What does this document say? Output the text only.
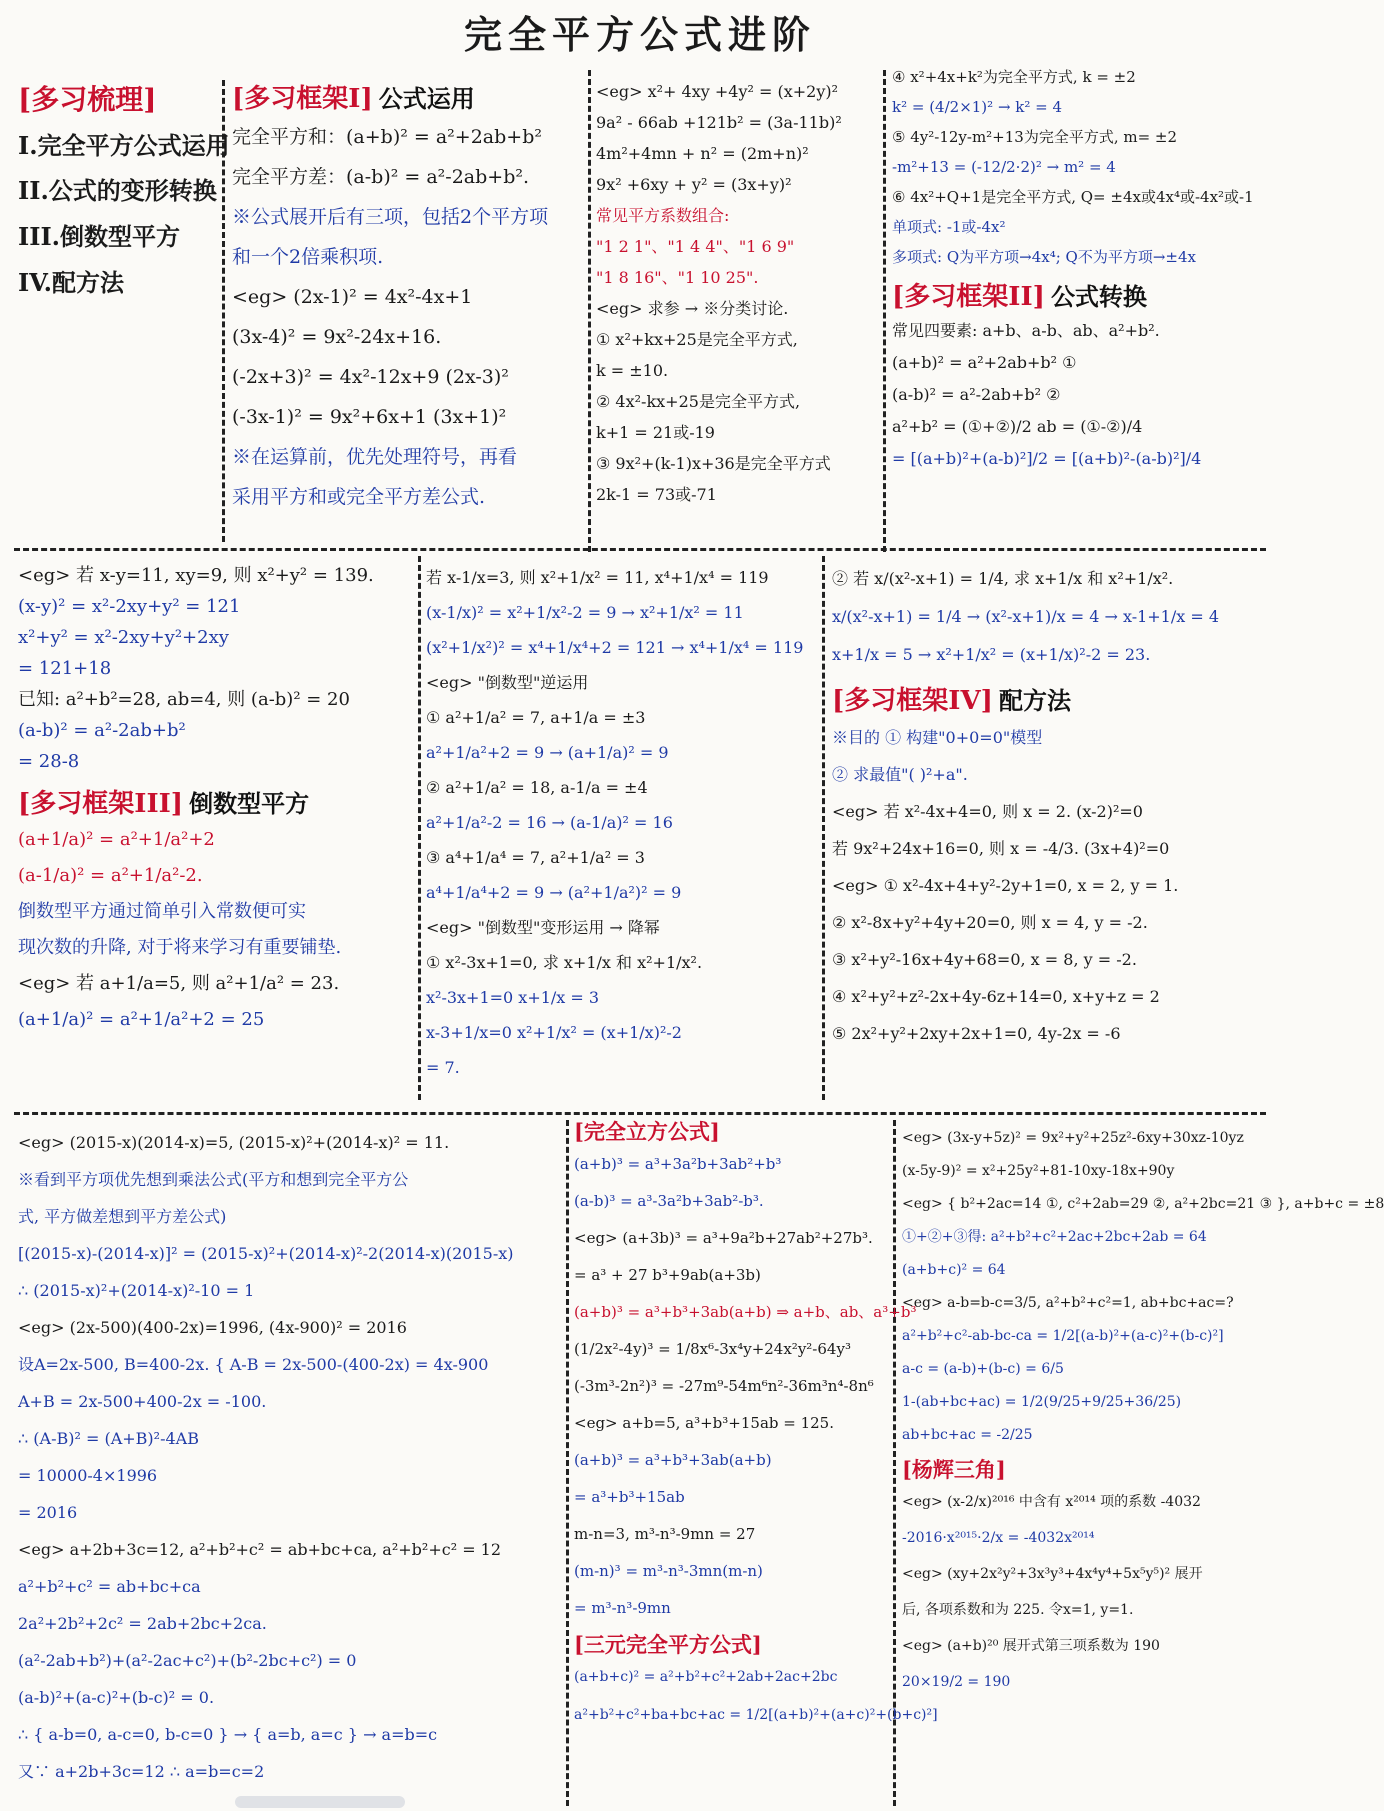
完全平方公式进阶
[多习梳理]
I.完全平方公式运用
II.公式的变形转换
III.倒数型平方
IV.配方法
[多习框架I] 公式运用
完全平方和：(a+b)² = a²+2ab+b²
完全平方差：(a-b)² = a²-2ab+b².
※公式展开后有三项，包括2个平方项
和一个2倍乘积项.
<eg> (2x-1)² = 4x²-4x+1
(3x-4)² = 9x²-24x+16.
(-2x+3)² = 4x²-12x+9 (2x-3)²
(-3x-1)² = 9x²+6x+1 (3x+1)²
※在运算前，优先处理符号，再看
采用平方和或完全平方差公式.
<eg> x²+ 4xy +4y² = (x+2y)²
9a² - 66ab +121b² = (3a-11b)²
4m²+4mn + n² = (2m+n)²
9x² +6xy + y² = (3x+y)²
常见平方系数组合:
"1 2 1"、"1 4 4"、"1 6 9"
"1 8 16"、"1 10 25".
<eg> 求参 → ※分类讨论.
① x²+kx+25是完全平方式,
k = ±10.
② 4x²-kx+25是完全平方式,
k+1 = 21或-19
③ 9x²+(k-1)x+36是完全平方式
2k-1 = 73或-71
④ x²+4x+k²为完全平方式, k = ±2
k² = (4/2×1)² → k² = 4
⑤ 4y²-12y-m²+13为完全平方式, m= ±2
-m²+13 = (-12/2·2)² → m² = 4
⑥ 4x²+Q+1是完全平方式, Q= ±4x或4x⁴或-4x²或-1
单项式: -1或-4x²
多项式: Q为平方项→4x⁴; Q不为平方项→±4x
[多习框架II] 公式转换
常见四要素: a+b、a-b、ab、a²+b².
(a+b)² = a²+2ab+b² ①
(a-b)² = a²-2ab+b² ②
a²+b² = (①+②)/2 ab = (①-②)/4
= [(a+b)²+(a-b)²]/2 = [(a+b)²-(a-b)²]/4
<eg> 若 x-y=11, xy=9, 则 x²+y² = 139.
(x-y)² = x²-2xy+y² = 121
x²+y² = x²-2xy+y²+2xy
= 121+18
已知: a²+b²=28, ab=4, 则 (a-b)² = 20
(a-b)² = a²-2ab+b²
= 28-8
[多习框架III] 倒数型平方
(a+1/a)² = a²+1/a²+2
(a-1/a)² = a²+1/a²-2.
倒数型平方通过简单引入常数便可实
现次数的升降, 对于将来学习有重要铺垫.
<eg> 若 a+1/a=5, 则 a²+1/a² = 23.
(a+1/a)² = a²+1/a²+2 = 25
若 x-1/x=3, 则 x²+1/x² = 11, x⁴+1/x⁴ = 119
(x-1/x)² = x²+1/x²-2 = 9 → x²+1/x² = 11
(x²+1/x²)² = x⁴+1/x⁴+2 = 121 → x⁴+1/x⁴ = 119
<eg> "倒数型"逆运用
① a²+1/a² = 7, a+1/a = ±3
a²+1/a²+2 = 9 → (a+1/a)² = 9
② a²+1/a² = 18, a-1/a = ±4
a²+1/a²-2 = 16 → (a-1/a)² = 16
③ a⁴+1/a⁴ = 7, a²+1/a² = 3
a⁴+1/a⁴+2 = 9 → (a²+1/a²)² = 9
<eg> "倒数型"变形运用 → 降幂
① x²-3x+1=0, 求 x+1/x 和 x²+1/x².
x²-3x+1=0 x+1/x = 3
x-3+1/x=0 x²+1/x² = (x+1/x)²-2
= 7.
② 若 x/(x²-x+1) = 1/4, 求 x+1/x 和 x²+1/x².
x/(x²-x+1) = 1/4 → (x²-x+1)/x = 4 → x-1+1/x = 4
x+1/x = 5 → x²+1/x² = (x+1/x)²-2 = 23.
[多习框架IV] 配方法
※目的 ① 构建"0+0=0"模型
② 求最值"( )²+a".
<eg> 若 x²-4x+4=0, 则 x = 2. (x-2)²=0
若 9x²+24x+16=0, 则 x = -4/3. (3x+4)²=0
<eg> ① x²-4x+4+y²-2y+1=0, x = 2, y = 1.
② x²-8x+y²+4y+20=0, 则 x = 4, y = -2.
③ x²+y²-16x+4y+68=0, x = 8, y = -2.
④ x²+y²+z²-2x+4y-6z+14=0, x+y+z = 2
⑤ 2x²+y²+2xy+2x+1=0, 4y-2x = -6
<eg> (2015-x)(2014-x)=5, (2015-x)²+(2014-x)² = 11.
※看到平方项优先想到乘法公式(平方和想到完全平方公
式, 平方做差想到平方差公式)
[(2015-x)-(2014-x)]² = (2015-x)²+(2014-x)²-2(2014-x)(2015-x)
∴ (2015-x)²+(2014-x)²-10 = 1
<eg> (2x-500)(400-2x)=1996, (4x-900)² = 2016
设A=2x-500, B=400-2x. { A-B = 2x-500-(400-2x) = 4x-900
A+B = 2x-500+400-2x = -100.
∴ (A-B)² = (A+B)²-4AB
= 10000-4×1996
= 2016
<eg> a+2b+3c=12, a²+b²+c² = ab+bc+ca, a²+b²+c² = 12
a²+b²+c² = ab+bc+ca
2a²+2b²+2c² = 2ab+2bc+2ca.
(a²-2ab+b²)+(a²-2ac+c²)+(b²-2bc+c²) = 0
(a-b)²+(a-c)²+(b-c)² = 0.
∴ { a-b=0, a-c=0, b-c=0 } → { a=b, a=c } → a=b=c
又∵ a+2b+3c=12 ∴ a=b=c=2
[完全立方公式]
(a+b)³ = a³+3a²b+3ab²+b³
(a-b)³ = a³-3a²b+3ab²-b³.
<eg> (a+3b)³ = a³+9a²b+27ab²+27b³.
= a³ + 27 b³+9ab(a+3b)
(a+b)³ = a³+b³+3ab(a+b) ⇒ a+b、ab、a³+b³
(1/2x²-4y)³ = 1/8x⁶-3x⁴y+24x²y²-64y³
(-3m³-2n²)³ = -27m⁹-54m⁶n²-36m³n⁴-8n⁶
<eg> a+b=5, a³+b³+15ab = 125.
(a+b)³ = a³+b³+3ab(a+b)
= a³+b³+15ab
m-n=3, m³-n³-9mn = 27
(m-n)³ = m³-n³-3mn(m-n)
= m³-n³-9mn
[三元完全平方公式]
(a+b+c)² = a²+b²+c²+2ab+2ac+2bc
a²+b²+c²+ba+bc+ac = 1/2[(a+b)²+(a+c)²+(b+c)²]
<eg> (3x-y+5z)² = 9x²+y²+25z²-6xy+30xz-10yz
(x-5y-9)² = x²+25y²+81-10xy-18x+90y
<eg> { b²+2ac=14 ①, c²+2ab=29 ②, a²+2bc=21 ③ }, a+b+c = ±8
①+②+③得: a²+b²+c²+2ac+2bc+2ab = 64
(a+b+c)² = 64
<eg> a-b=b-c=3/5, a²+b²+c²=1, ab+bc+ac=?
a²+b²+c²-ab-bc-ca = 1/2[(a-b)²+(a-c)²+(b-c)²]
a-c = (a-b)+(b-c) = 6/5
1-(ab+bc+ac) = 1/2(9/25+9/25+36/25)
ab+bc+ac = -2/25
[杨辉三角]
<eg> (x-2/x)²⁰¹⁶ 中含有 x²⁰¹⁴ 项的系数 -4032
-2016·x²⁰¹⁵·2/x = -4032x²⁰¹⁴
<eg> (xy+2x²y²+3x³y³+4x⁴y⁴+5x⁵y⁵)² 展开
后, 各项系数和为 225. 令x=1, y=1.
<eg> (a+b)²⁰ 展开式第三项系数为 190
20×19/2 = 190
